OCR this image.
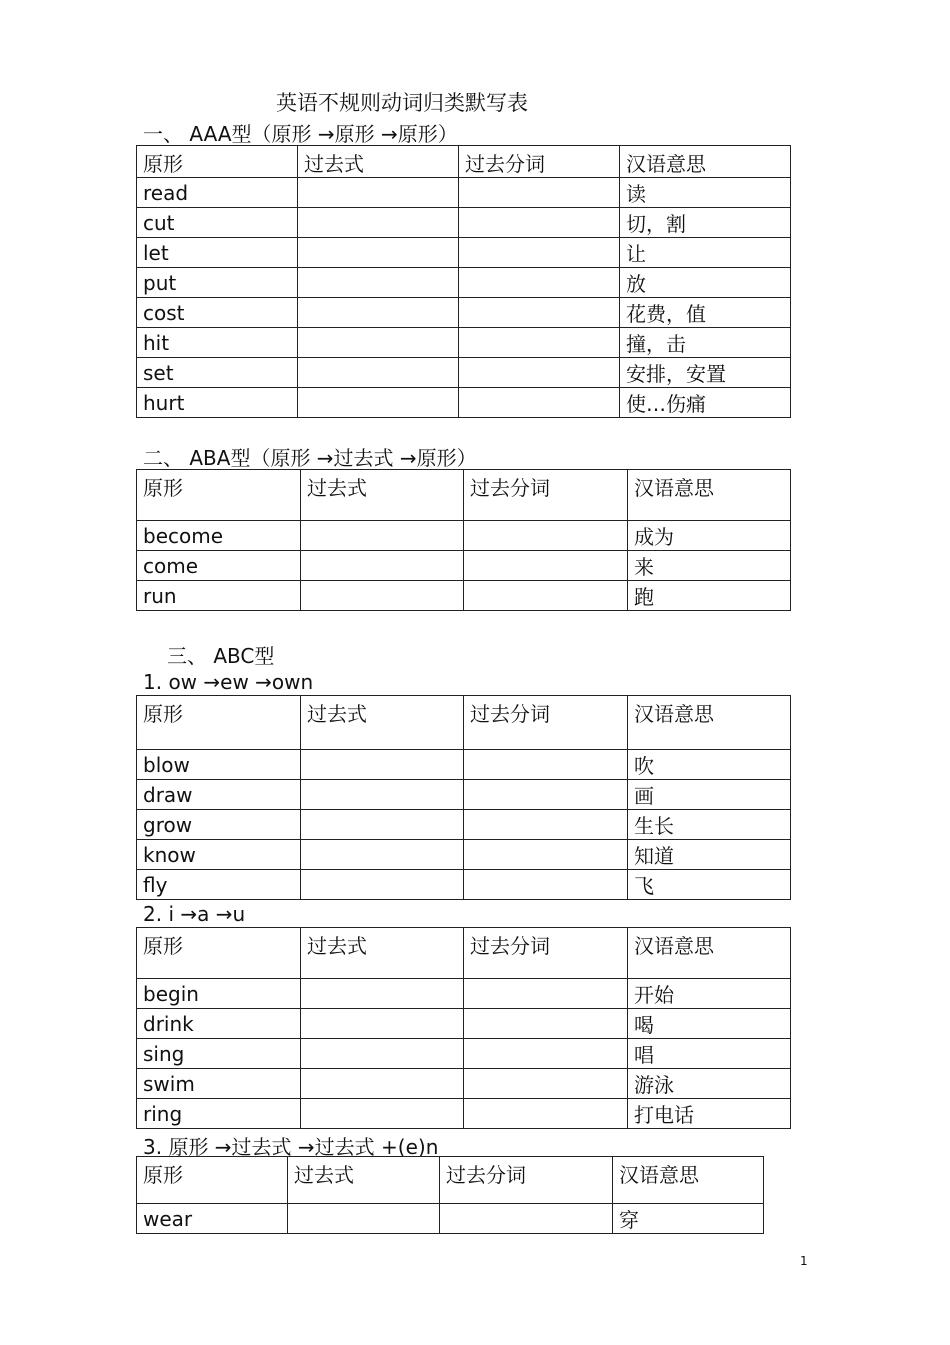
英语不规则动词归类默写表
一、 AAA型（原形 →原形 →原形）
原形	过去式	过去分词	汉语意思
read			读
cut			切，割
let			让
put			放
cost			花费，值
hit			撞，击
set			安排，安置
hurt			使…伤痛
二、 ABA型（原形 →过去式 →原形）
原形	过去式	过去分词	汉语意思
become			成为
come			来
run			跑
三、 ABC型
1. ow →ew →own
原形	过去式	过去分词	汉语意思
blow			吹
draw			画
grow			生长
know			知道
fly			飞
2. i →a →u
原形	过去式	过去分词	汉语意思
begin			开始
drink			喝
sing			唱
swim			游泳
ring			打电话
3. 原形 →过去式 →过去式 +(e)n
原形	过去式	过去分词	汉语意思
wear			穿
1
